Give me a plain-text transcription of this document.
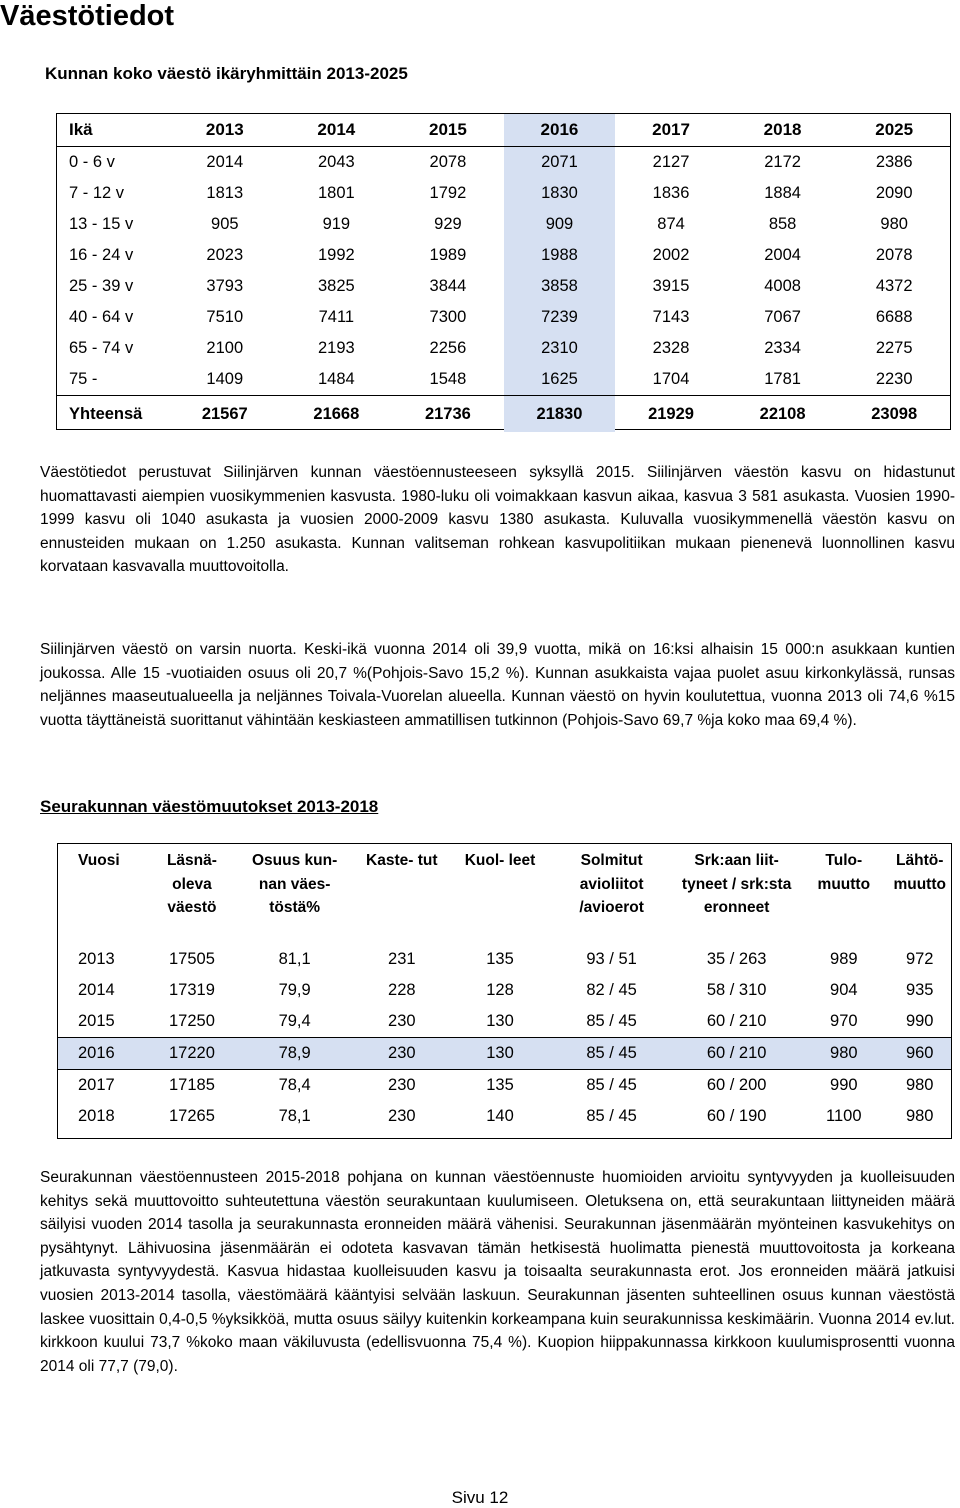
Väestötiedot
Kunnan koko väestö ikäryhmittäin 2013-2025
Ikä	2013	2014	2015	2016	2017	2018	2025
0 - 6 v	2014	2043	2078	2071	2127	2172	2386
7 - 12 v	1813	1801	1792	1830	1836	1884	2090
13 - 15 v	905	919	929	909	874	858	980
16 - 24 v	2023	1992	1989	1988	2002	2004	2078
25 - 39 v	3793	3825	3844	3858	3915	4008	4372
40 - 64 v	7510	7411	7300	7239	7143	7067	6688
65 - 74 v	2100	2193	2256	2310	2328	2334	2275
75 -	1409	1484	1548	1625	1704	1781	2230
Yhteensä	21567	21668	21736	21830	21929	22108	23098
Väestötiedot perustuvat Siilinjärven kunnan väestöennusteeseen syksyllä 2015. Siilinjärven väestön kasvu on hidastunut huomattavasti aiempien vuosikymmenien kasvusta. 1980-luku oli voimakkaan kasvun aikaa, kasvua 3 581 asukasta. Vuosien 1990-1999 kasvu oli 1040 asukasta ja vuosien 2000-2009 kasvu 1380 asukasta. Kuluvalla vuosikymmenellä väestön kasvu on ennusteiden mukaan on 1.250 asukasta. Kunnan valitseman rohkean kasvupolitiikan mukaan pienenevä luonnollinen kasvu korvataan kasvavalla muuttovoitolla.
Siilinjärven väestö on varsin nuorta. Keski-ikä vuonna 2014 oli 39,9 vuotta, mikä on 16:ksi alhaisin 15 000:n asukkaan kuntien joukossa. Alle 15 -vuotiaiden osuus oli 20,7 %(Pohjois-Savo 15,2 %). Kunnan asukkaista vajaa puolet asuu kirkonkylässä, runsas neljännes maaseutualueella ja neljännes Toivala-Vuorelan alueella. Kunnan väestö on hyvin koulutettua, vuonna 2013 oli 74,6 %15 vuotta täyttäneistä suorittanut vähintään keskiasteen ammatillisen tutkinnon (Pohjois-Savo 69,7 %ja koko maa 69,4 %).
Seurakunnan väestömuutokset 2013-2018
Vuosi	Läsnä- oleva väestö	Osuus kun- nan väes- töstä%	Kaste- tut	Kuol- leet	Solmitut avioliitot /avioerot	Srk:aan liit- tyneet / srk:sta eronneet	Tulo- muutto	Lähtö- muutto
2013	17505	81,1	231	135	93 / 51	35 / 263	989	972
2014	17319	79,9	228	128	82 / 45	58 / 310	904	935
2015	17250	79,4	230	130	85 / 45	60 / 210	970	990
2016	17220	78,9	230	130	85 / 45	60 / 210	980	960
2017	17185	78,4	230	135	85 / 45	60 / 200	990	980
2018	17265	78,1	230	140	85 / 45	60 / 190	1100	980
Seurakunnan väestöennusteen 2015-2018 pohjana on kunnan väestöennuste huomioiden arvioitu syntyvyyden ja kuolleisuuden kehitys sekä muuttovoitto suhteutettuna väestön seurakuntaan kuulumiseen. Oletuksena on, että seurakuntaan liittyneiden määrä säilyisi vuoden 2014 tasolla ja seurakunnasta eronneiden määrä vähenisi. Seurakunnan jäsenmäärän myönteinen kasvukehitys on pysähtynyt. Lähivuosina jäsenmäärän ei odoteta kasvavan tämän hetkisestä huolimatta pienestä muuttovoitosta ja korkeana jatkuvasta syntyvyydestä. Kasvua hidastaa kuolleisuuden kasvu ja toisaalta seurakunnasta erot. Jos eronneiden määrä jatkuisi vuosien 2013-2014 tasolla, väestömäärä kääntyisi selvään laskuun. Seurakunnan jäsenten suhteellinen osuus kunnan väestöstä laskee vuosittain 0,4-0,5 %yksikköä, mutta osuus säilyy kuitenkin korkeampana kuin seurakunnissa keskimäärin. Vuonna 2014 ev.lut. kirkkoon kuului 73,7 %koko maan väkiluvusta (edellisvuonna 75,4 %). Kuopion hiippakunnassa kirkkoon kuulumisprosentti vuonna 2014 oli 77,7 (79,0).
Sivu 12
